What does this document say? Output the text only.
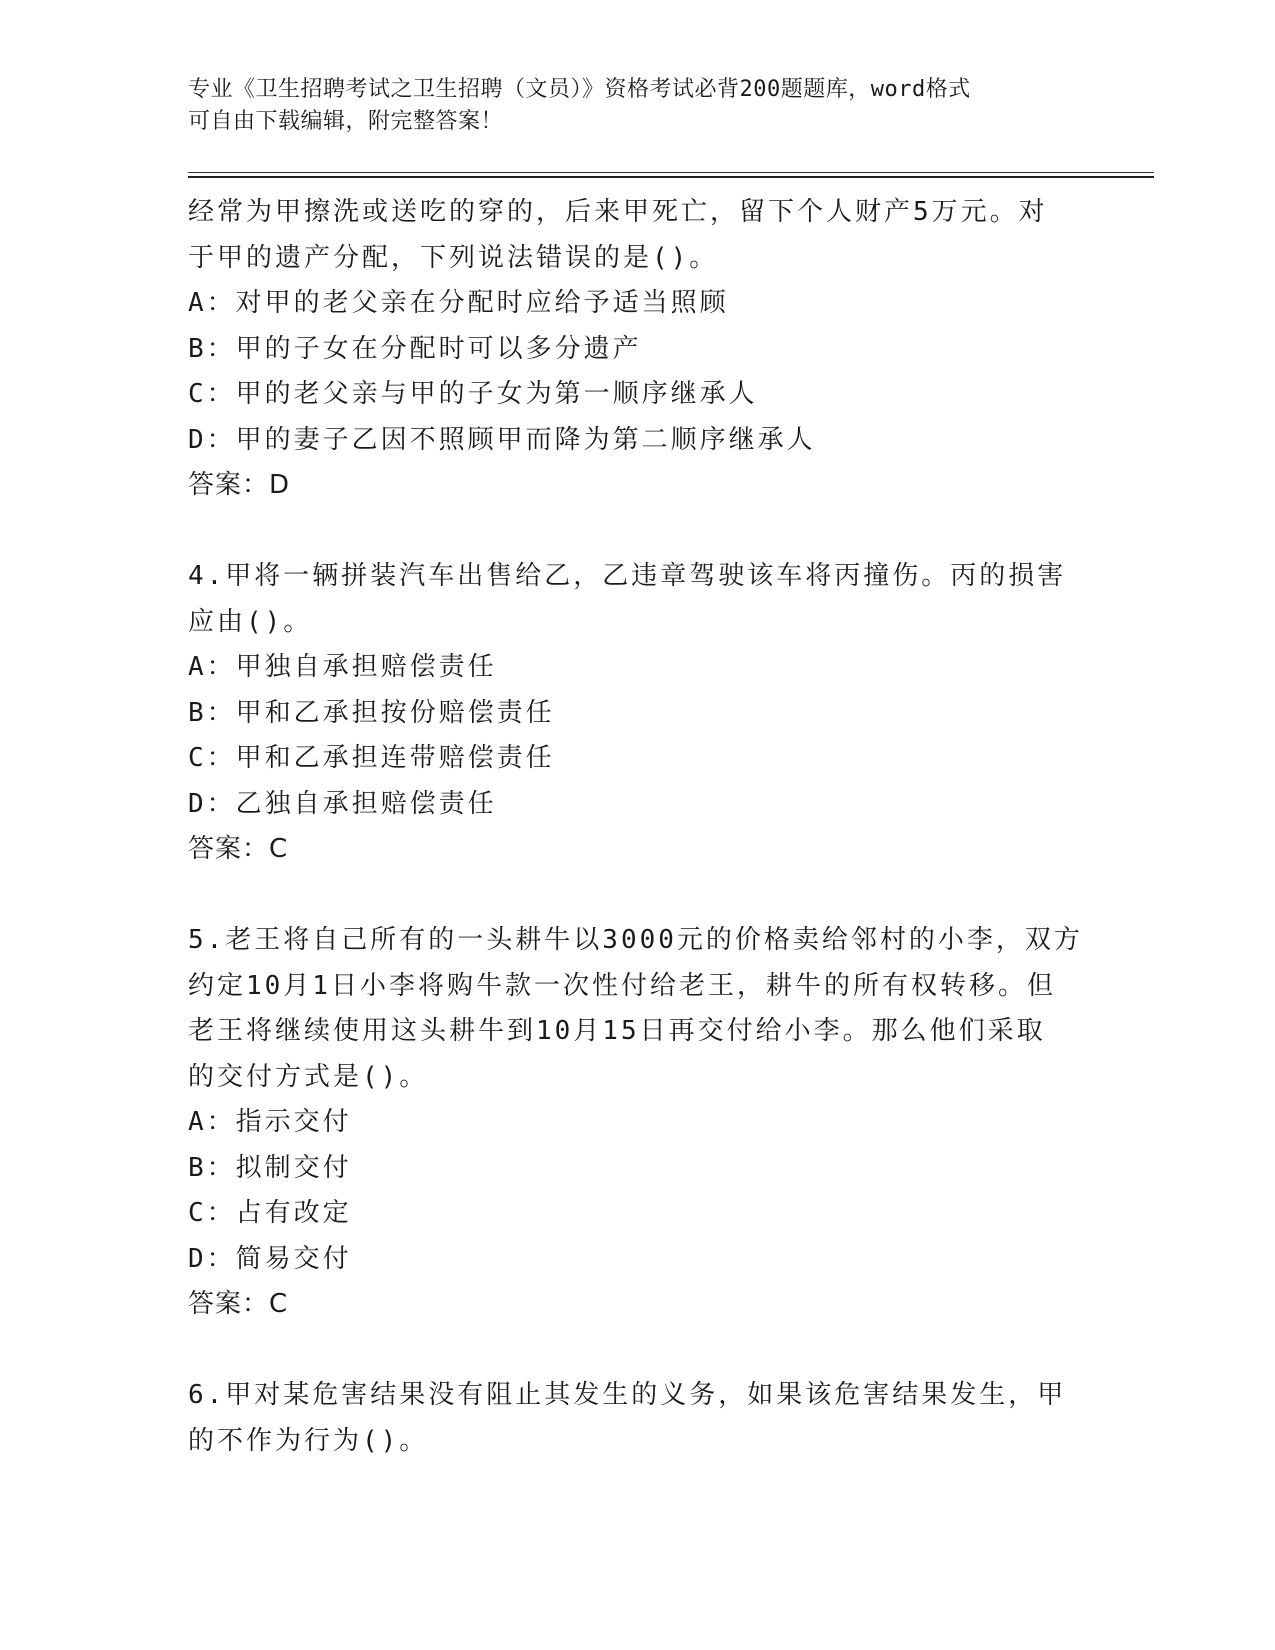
专业《卫生招聘考试之卫生招聘（文员）》资格考试必背200题题库，word格式
可自由下载编辑，附完整答案！
经常为甲擦洗或送吃的穿的，后来甲死亡，留下个人财产5万元。对
于甲的遗产分配，下列说法错误的是()。
A：对甲的老父亲在分配时应给予适当照顾
B：甲的子女在分配时可以多分遗产
C：甲的老父亲与甲的子女为第一顺序继承人
D：甲的妻子乙因不照顾甲而降为第二顺序继承人
答案：D
4.甲将一辆拼装汽车出售给乙，乙违章驾驶该车将丙撞伤。丙的损害
应由()。
A：甲独自承担赔偿责任
B：甲和乙承担按份赔偿责任
C：甲和乙承担连带赔偿责任
D：乙独自承担赔偿责任
答案：C
5.老王将自己所有的一头耕牛以3000元的价格卖给邻村的小李，双方
约定10月1日小李将购牛款一次性付给老王，耕牛的所有权转移。但
老王将继续使用这头耕牛到10月15日再交付给小李。那么他们采取
的交付方式是()。
A：指示交付
B：拟制交付
C：占有改定
D：简易交付
答案：C
6.甲对某危害结果没有阻止其发生的义务，如果该危害结果发生，甲
的不作为行为()。
